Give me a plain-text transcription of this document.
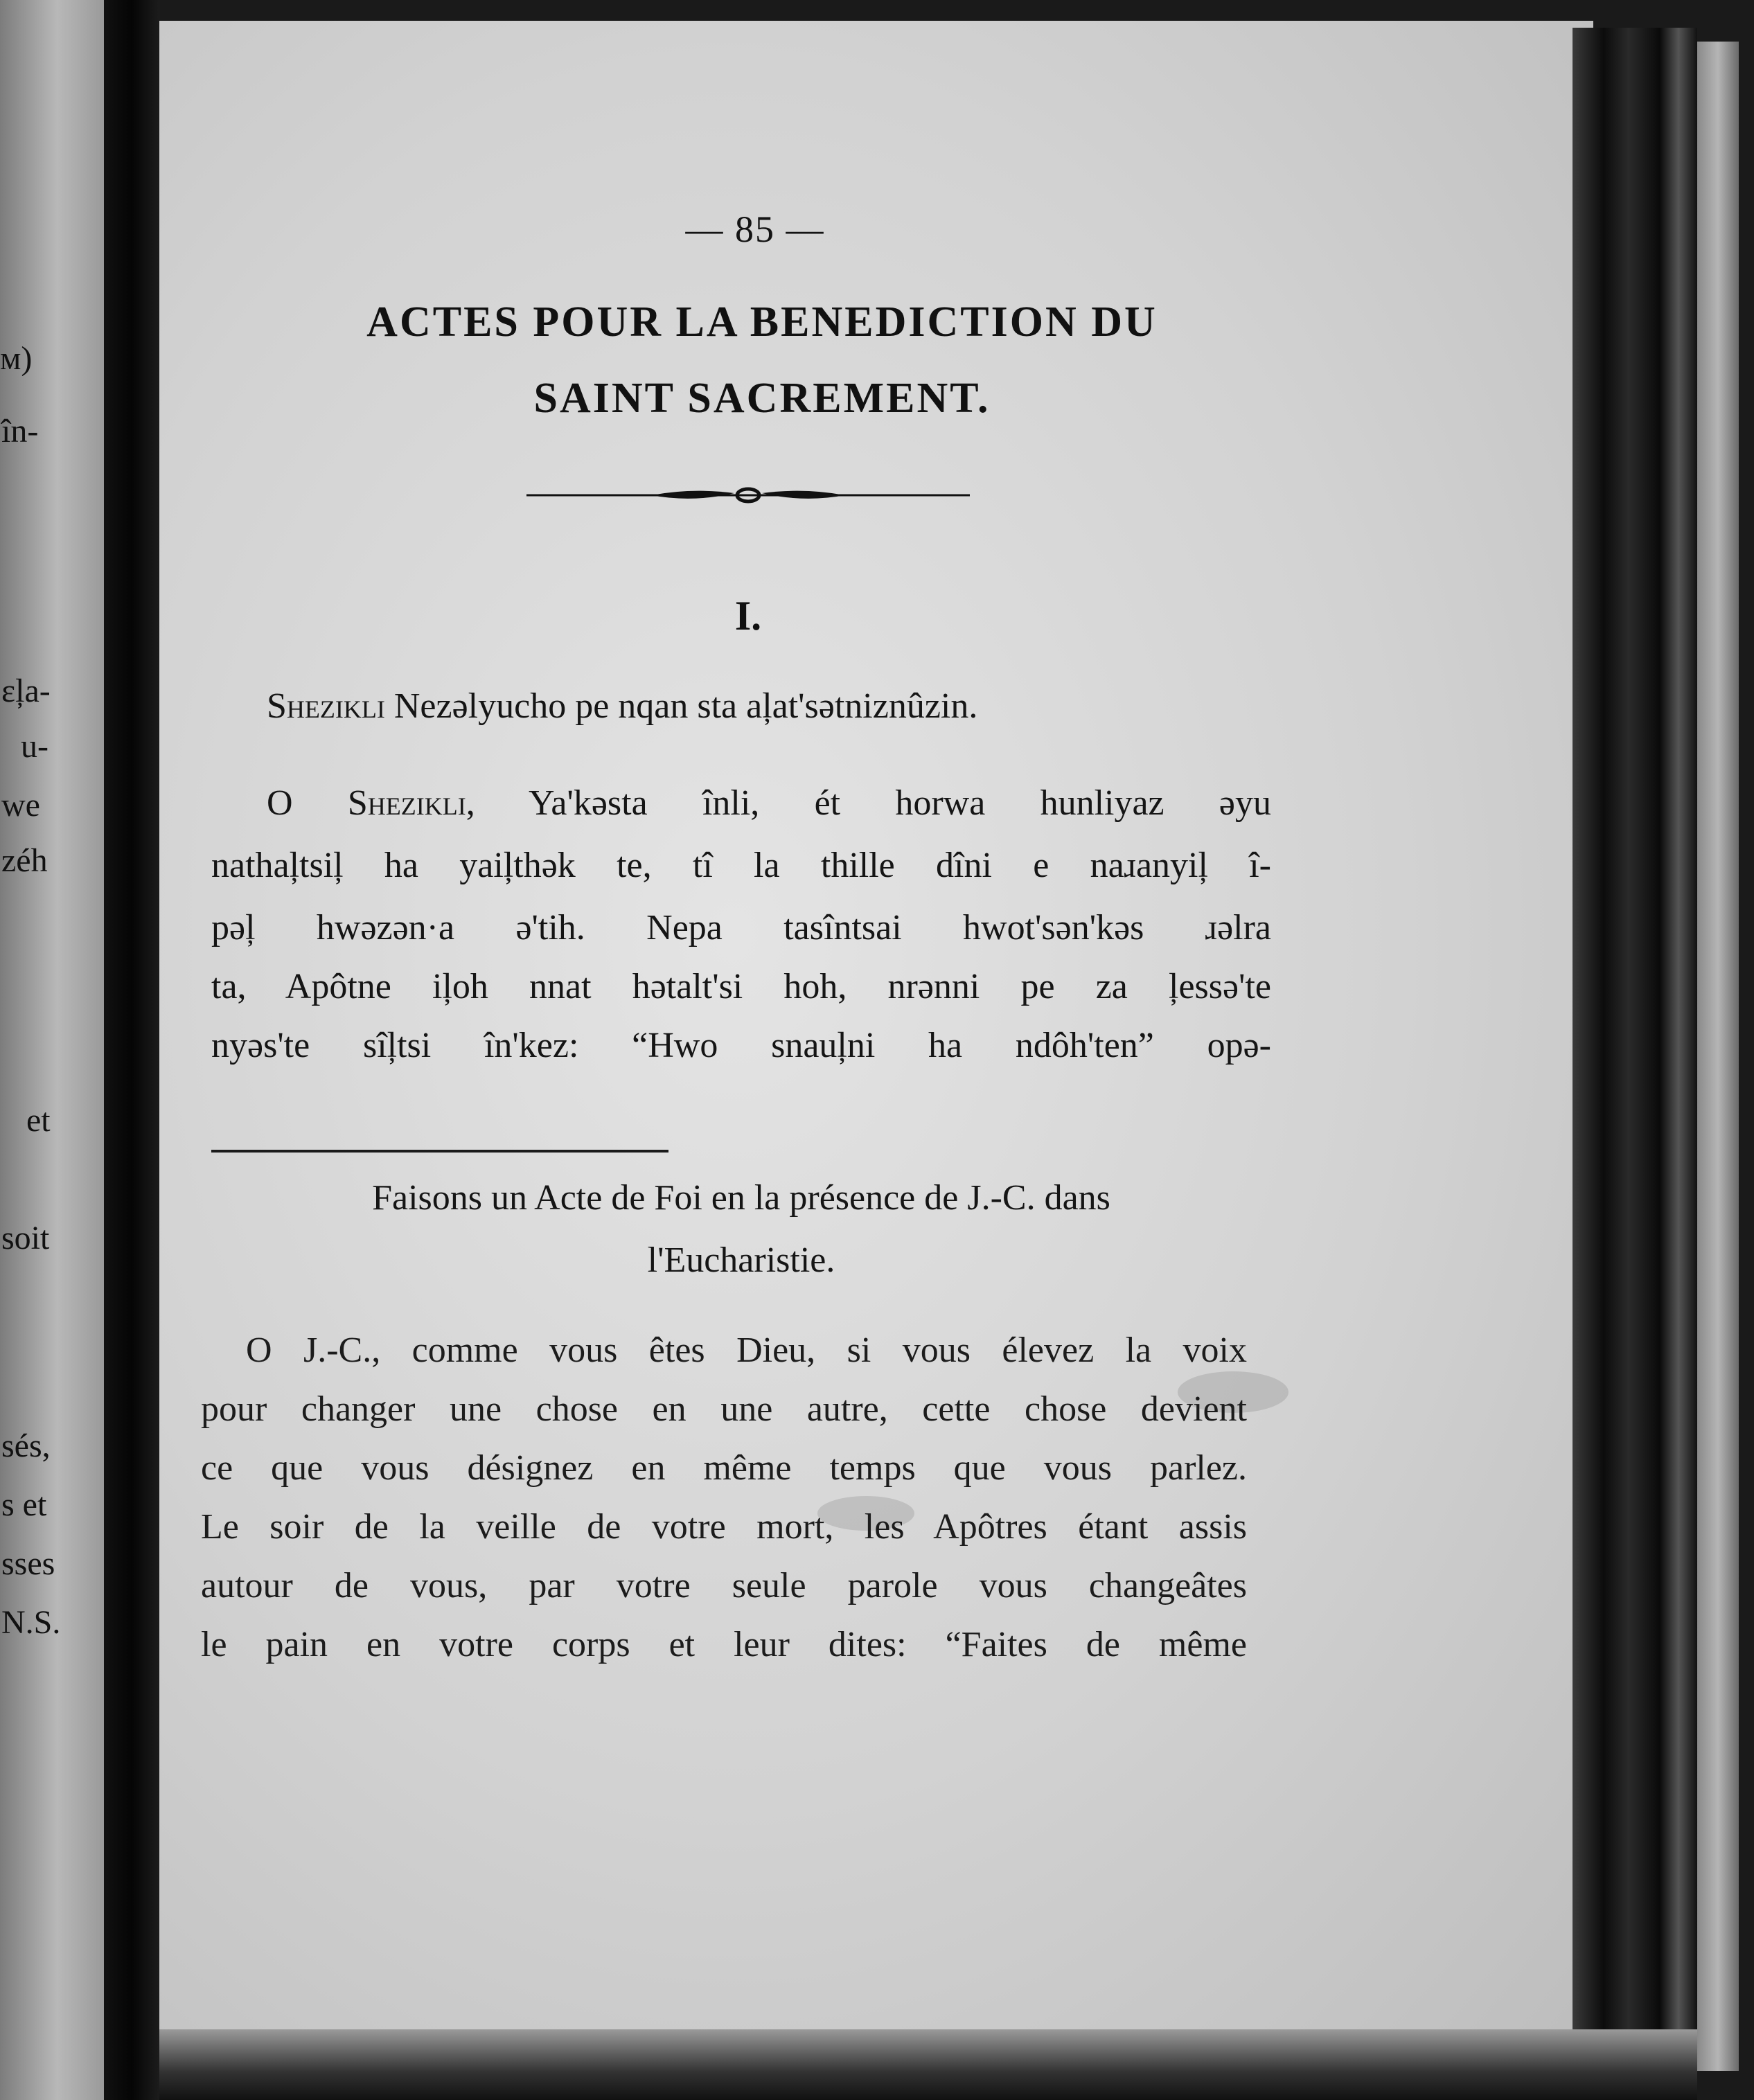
м)
în-
ɛļa-
u-
we
zéh
et
soit
sés,
s et
sses
N.S.
— 85 —
ACTES POUR LA BENEDICTION DU
SAINT SACREMENT.
I.
Shezikli Nezəlyucho pe nqan sta aļat'sətniznûzin.
O Shezikli, Ya'kəsta înli, ét horwa hunliyaz əyu
nathaļtsiļ ha yaiļthək te, tî la thille dîni e naɹanyiļ î-
pəļ hwəzən·a ə'tih. Nepa tasîntsai hwot'sən'kəs ɹəlra
ta, Apôtne iļoh nnat hətalt'si hoh, nrənni pe za ļessə'te
nyəs'te sîļtsi în'kez: “Hwo snauļni ha ndôh'ten” opə-
Faisons un Acte de Foi en la présence de J.-C. dans
l'Eucharistie.
O J.-C., comme vous êtes Dieu, si vous élevez la voix
pour changer une chose en une autre, cette chose devient
ce que vous désignez en même temps que vous parlez.
Le soir de la veille de votre mort, les Apôtres étant assis
autour de vous, par votre seule parole vous changeâtes
le pain en votre corps et leur dites: “Faites de même
